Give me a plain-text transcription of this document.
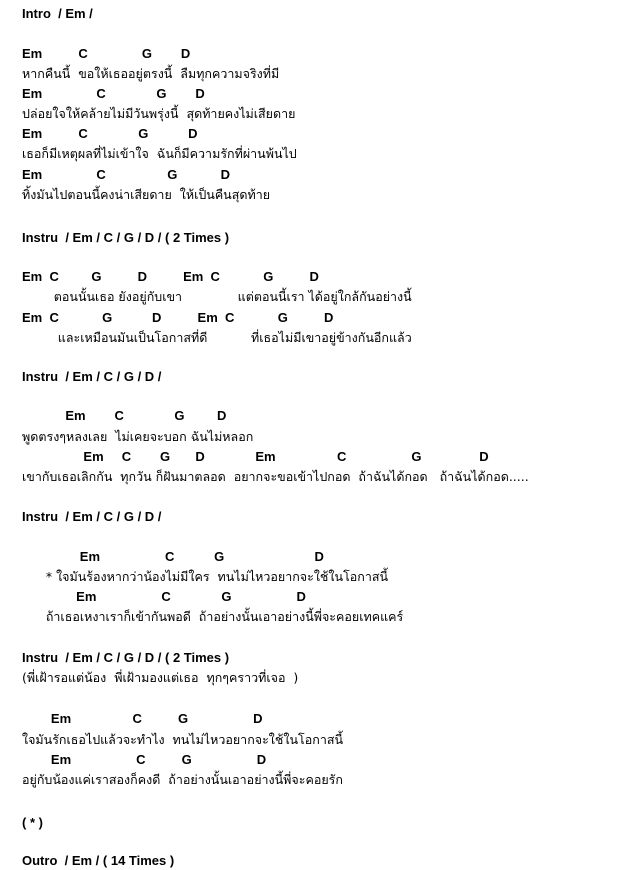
Intro  / Em /
Em          C               G        D
หากคืนนี้  ขอให้เธออยู่ตรงนี้  ลืมทุกความจริงที่มี
Em               C              G        D
ปล่อยใจให้คล้ายไม่มีวันพรุ่งนี้  สุดท้ายคงไม่เสียดาย
Em          C              G           D
เธอก็มีเหตุผลที่ไม่เข้าใจ  ฉันก็มีความรักที่ผ่านพ้นไป
Em               C                 G            D
ทิ้งมันไปตอนนี้คงน่าเสียดาย  ให้เป็นคืนสุดท้าย
Instru  / Em / C / G / D / ( 2 Times )
Em  C         G          D          Em  C            G          D
ตอนนั้นเธอ ยังอยู่กับเขา              แต่ตอนนี้เรา ได้อยู่ใกล้กันอย่างนี้
Em  C            G           D          Em  C            G          D
และเหมือนมันเป็นโอกาสที่ดี           ที่เธอไม่มีเขาอยู่ข้างกันอีกแล้ว
Instru  / Em / C / G / D /
Em        C              G         D
พูดตรงๆหลงเลย  ไม่เคยจะบอก ฉันไม่หลอก
Em     C        G       D              Em                 C                  G                D
เขากับเธอเลิกกัน  ทุกวัน ก็ฝันมาตลอด  อยากจะขอเข้าไปกอด  ถ้าฉันได้กอด   ถ้าฉันได้กอด.....
Instru  / Em / C / G / D /
Em                  C           G                         D
* ใจมันร้องหากว่าน้องไม่มีใคร  ทนไม่ไหวอยากจะใช้ในโอกาสนี้
Em                  C              G                  D
ถ้าเธอเหงาเราก็เข้ากันพอดี  ถ้าอย่างนั้นเอาอย่างนี้พี่จะคอยเทคแคร์
Instru  / Em / C / G / D / ( 2 Times )
(พี่เฝ้ารอแต่น้อง  พี่เฝ้ามองแต่เธอ  ทุกๆคราวที่เจอ  )
Em                 C          G                  D
ใจมันรักเธอไปแล้วจะทำไง  ทนไม่ไหวอยากจะใช้ในโอกาสนี้
Em                  C          G                  D
อยู่กับน้องแค่เราสองก็คงดี  ถ้าอย่างนั้นเอาอย่างนี้พี่จะคอยรัก
( * )
Outro  / Em / ( 14 Times )
